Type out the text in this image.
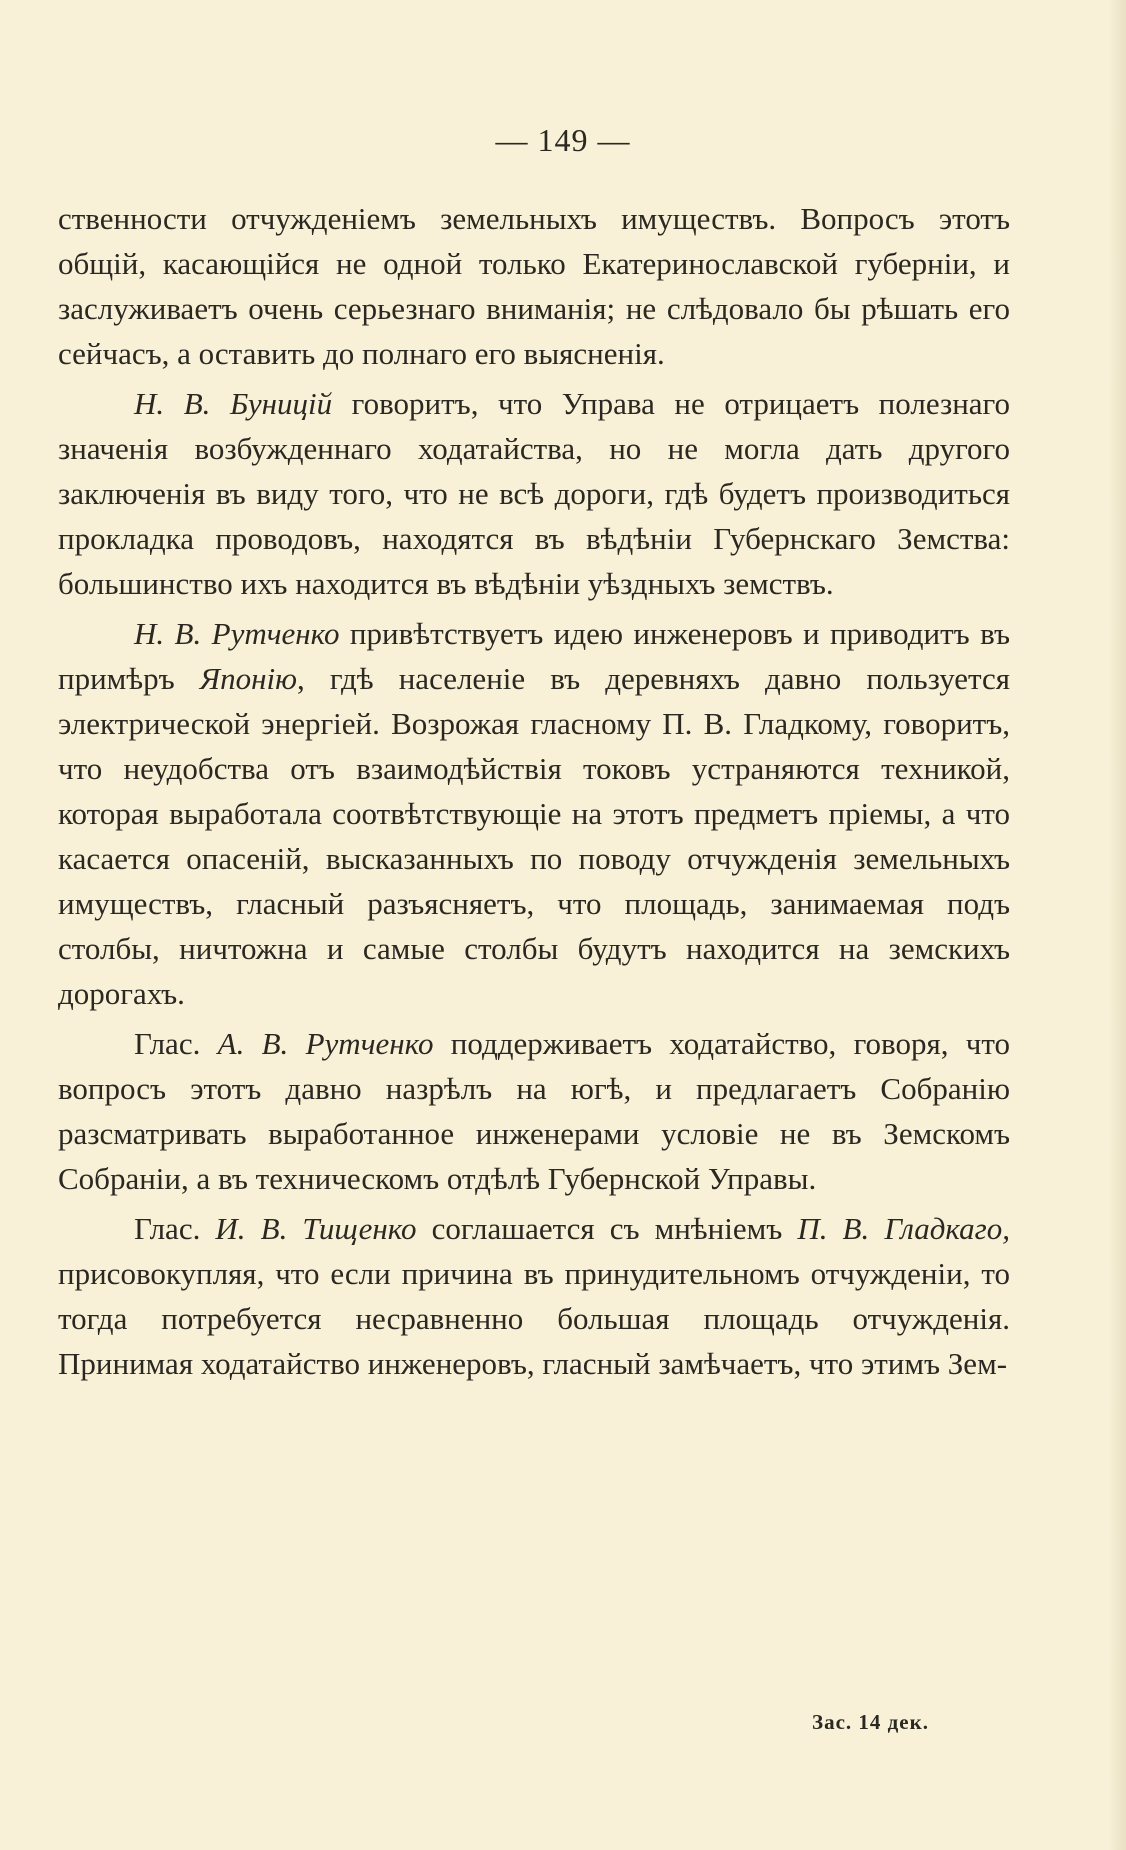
— 149 —

ственности отчужденiемъ земельныхъ имуществъ. Вопросъ этотъ общiй, касающiйся не одной только Екатеринославской губернiи, и заслуживаетъ очень серьезнаго вниманiя; не слѣдовало бы рѣшать его сейчасъ, а оставить до полнаго его выясненiя.

Н. В. Буницiй говоритъ, что Управа не отрицаетъ полезнаго значенiя возбужденнаго ходатайства, но не могла дать другого заключенiя въ виду того, что не всѣ дороги, гдѣ будетъ производиться прокладка проводовъ, находятся въ вѣдѣнiи Губернскаго Земства: большинство ихъ находится въ вѣдѣнiи уѣздныхъ земствъ.

Н. В. Рутченко привѣтствуетъ идею инженеровъ и приводитъ въ примѣръ Японiю, гдѣ населенiе въ деревняхъ давно пользуется электрической энергiей. Возрожая гласному П. В. Гладкому, говоритъ, что неудобства отъ взаимодѣйствiя токовъ устраняются техникой, которая выработала соотвѣтствующiе на этотъ предметъ прiемы, а что касается опасенiй, высказанныхъ по поводу отчужденiя земельныхъ имуществъ, гласный разъясняетъ, что площадь, занимаемая подъ столбы, ничтожна и самые столбы будутъ находится на земскихъ дорогахъ.

Глас. А. В. Рутченко поддерживаетъ ходатайство, говоря, что вопросъ этотъ давно назрѣлъ на югѣ, и предлагаетъ Собранiю разсматривать выработанное инженерами условiе не въ Земскомъ Собранiи, а въ техническомъ отдѣлѣ Губернской Управы.

Глас. И. В. Тищенко соглашается съ мнѣнiемъ П. В. Гладкаго, присовокупляя, что если причина въ принудительномъ отчужденiи, то тогда потребуется несравненно большая площадь отчужденiя. Принимая ходатайство инженеровъ, гласный замѣчаетъ, что этимъ Зем-

Зас. 14 дек.
